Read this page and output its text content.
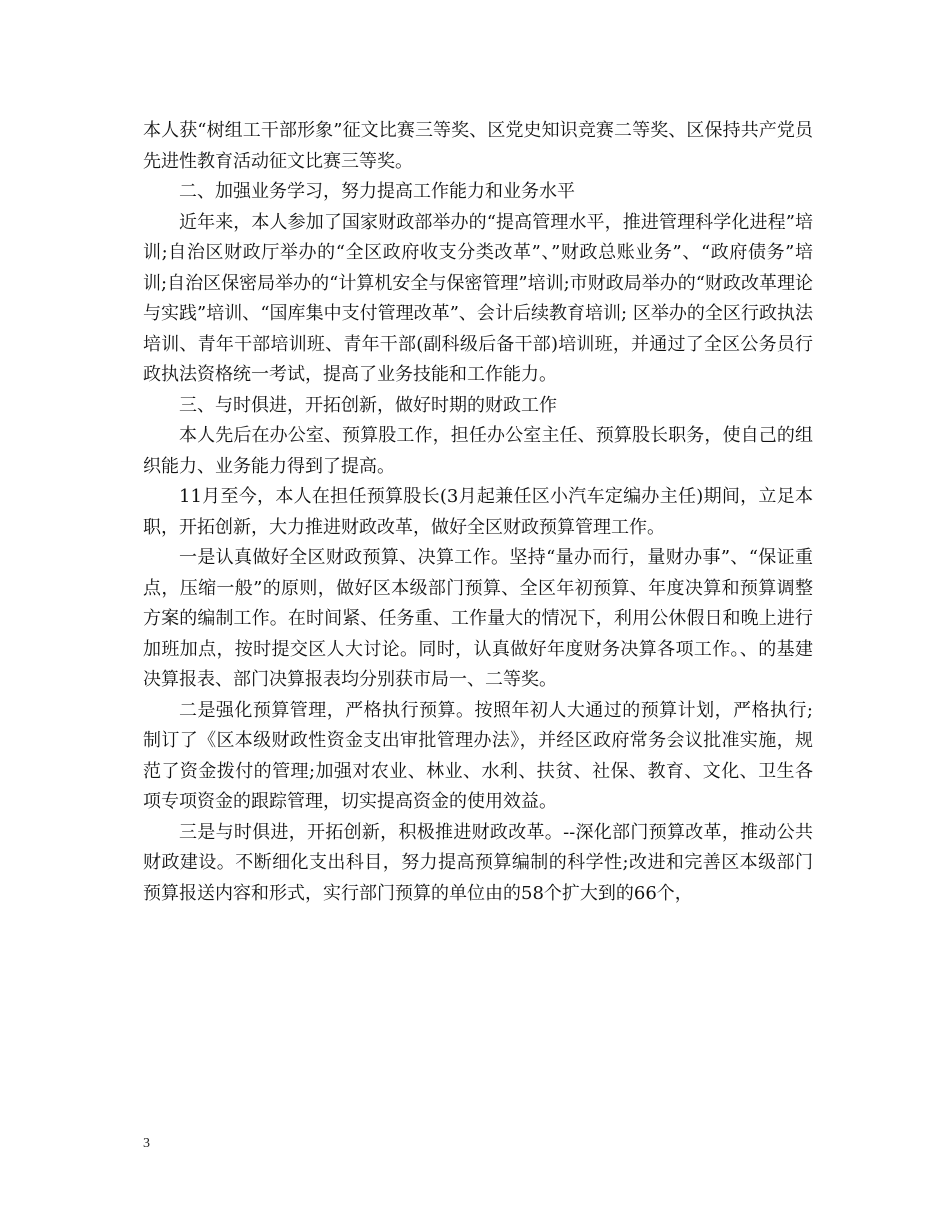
本人获“树组工干部形象”征文比赛三等奖、区党史知识竞赛二等奖、区保持共产党员先进性教育活动征文比赛三等奖。

二、加强业务学习，努力提高工作能力和业务水平

近年来，本人参加了国家财政部举办的“提高管理水平，推进管理科学化进程”培训;自治区财政厅举办的“全区政府收支分类改革”、”财政总账业务”、“政府债务”培训;自治区保密局举办的“计算机安全与保密管理”培训;市财政局举办的“财政改革理论与实践”培训、“国库集中支付管理改革”、会计后续教育培训; 区举办的全区行政执法培训、青年干部培训班、青年干部(副科级后备干部)培训班，并通过了全区公务员行政执法资格统一考试，提高了业务技能和工作能力。

三、与时俱进，开拓创新，做好时期的财政工作

本人先后在办公室、预算股工作，担任办公室主任、预算股长职务，使自己的组织能力、业务能力得到了提高。

11月至今，本人在担任预算股长(3月起兼任区小汽车定编办主任)期间，立足本职，开拓创新，大力推进财政改革，做好全区财政预算管理工作。

一是认真做好全区财政预算、决算工作。坚持“量办而行，量财办事”、“保证重点，压缩一般”的原则，做好区本级部门预算、全区年初预算、年度决算和预算调整方案的编制工作。在时间紧、任务重、工作量大的情况下，利用公休假日和晚上进行加班加点，按时提交区人大讨论。同时，认真做好年度财务决算各项工作。、的基建决算报表、部门决算报表均分别获市局一、二等奖。

二是强化预算管理，严格执行预算。按照年初人大通过的预算计划，严格执行;制订了《区本级财政性资金支出审批管理办法》，并经区政府常务会议批准实施，规范了资金拨付的管理;加强对农业、林业、水利、扶贫、社保、教育、文化、卫生各项专项资金的跟踪管理，切实提高资金的使用效益。

三是与时俱进，开拓创新，积极推进财政改革。--深化部门预算改革，推动公共财政建设。不断细化支出科目，努力提高预算编制的科学性;改进和完善区本级部门预算报送内容和形式，实行部门预算的单位由的58个扩大到的66个，

3
